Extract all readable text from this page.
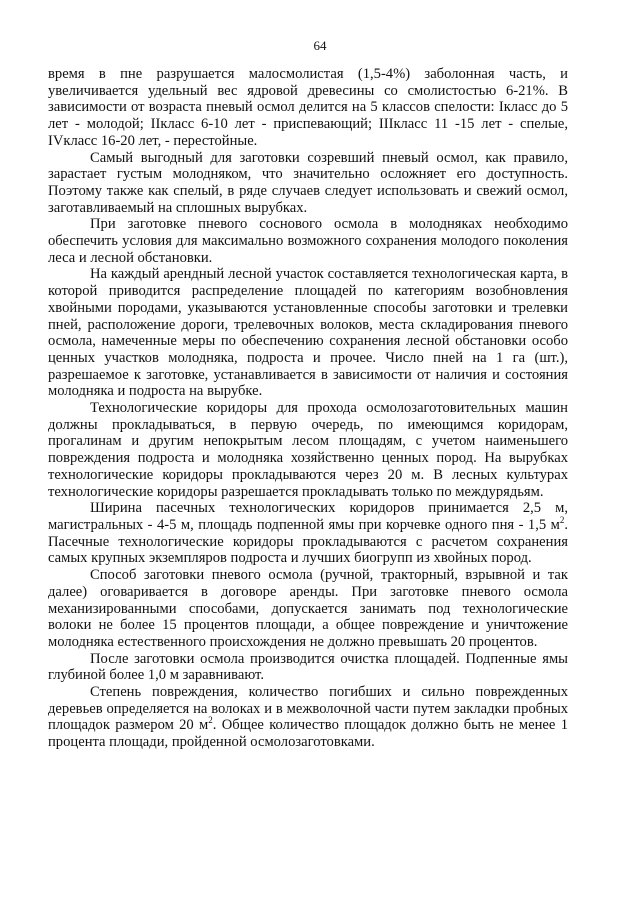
64

время в пне разрушается малосмолистая (1,5-4%) заболонная часть, и увеличивается удельный вес ядровой древесины со смолистостью 6-21%. В зависимости от возраста пневый осмол делится на 5 классов спелости: Iкласс до 5 лет - молодой; IIкласс 6-10 лет - приспевающий; IIIкласс 11 -15 лет - спелые, IVкласс 16-20 лет, - перестойные.

Самый выгодный для заготовки созревший пневый осмол, как правило, зарастает густым молодняком, что значительно осложняет его доступность. Поэтому также как спелый, в ряде случаев следует использовать и свежий осмол, заготавливаемый на сплошных вырубках.

При заготовке пневого соснового осмола в молодняках необходимо обеспечить условия для максимально возможного сохранения молодого поколения леса и лесной обстановки.

На каждый арендный лесной участок составляется технологическая карта, в которой приводится распределение площадей по категориям возобновления хвойными породами, указываются установленные способы заготовки и трелевки пней, расположение дороги, трелевочных волоков, места складирования пневого осмола, намеченные меры по обеспечению сохранения лесной обстановки особо ценных участков молодняка, подроста и прочее. Число пней на 1 га (шт.), разрешаемое к заготовке, устанавливается в зависимости от наличия и состояния молодняка и подроста на вырубке.

Технологические коридоры для прохода осмолозаготовительных машин должны прокладываться, в первую очередь, по имеющимся коридорам, прогалинам и другим непокрытым лесом площадям, с учетом наименьшего повреждения подроста и молодняка хозяйственно ценных пород. На вырубках технологические коридоры прокладываются через 20 м. В лесных культурах технологические коридоры разрешается прокладывать только по междурядьям.

Ширина пасечных технологических коридоров принимается 2,5 м, магистральных - 4-5 м, площадь подпенной ямы при корчевке одного пня - 1,5 $м^2$. Пасечные технологические коридоры прокладываются с расчетом сохранения самых крупных экземпляров подроста и лучших биогрупп из хвойных пород.

Способ заготовки пневого осмола (ручной, тракторный, взрывной и так далее) оговаривается в договоре аренды. При заготовке пневого осмола механизированными способами, допускается занимать под технологические волоки не более 15 процентов площади, а общее повреждение и уничтожение молодняка естественного происхождения не должно превышать 20 процентов.

После заготовки осмола производится очистка площадей. Подпенные ямы глубиной более 1,0 м заравнивают.

Степень повреждения, количество погибших и сильно поврежденных деревьев определяется на волоках и в межволочной части путем закладки пробных площадок размером 20 $м^2$. Общее количество площадок должно быть не менее 1 процента площади, пройденной осмолозаготовками.
